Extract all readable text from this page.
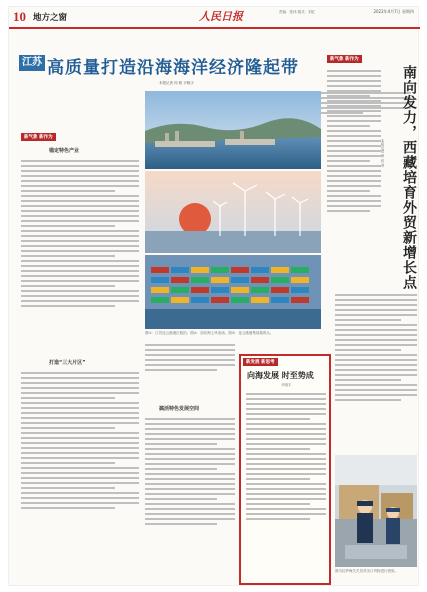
10 地方之窗
责编：张伟 版式：刘红
人民日报	2022年4月7日 星期四
江苏 高质量打造沿海海洋经济隆起带
本报记者 何 聪 尹晓宇
新气象 新作为
锚定特色产业
打造“三大片区”
图①：江苏连云港港区航拍。图②：如东海上风电场。图③：连云港港集装箱码头。
搞活特色发展空间
新气象 新作为
南向发力，西藏培育外贸新增长点
本报记者 徐 驭 尧
新发展 新思考
向海发展 时至势成
尹晓宇
图为拉萨海关关员对出口货物进行查验。
